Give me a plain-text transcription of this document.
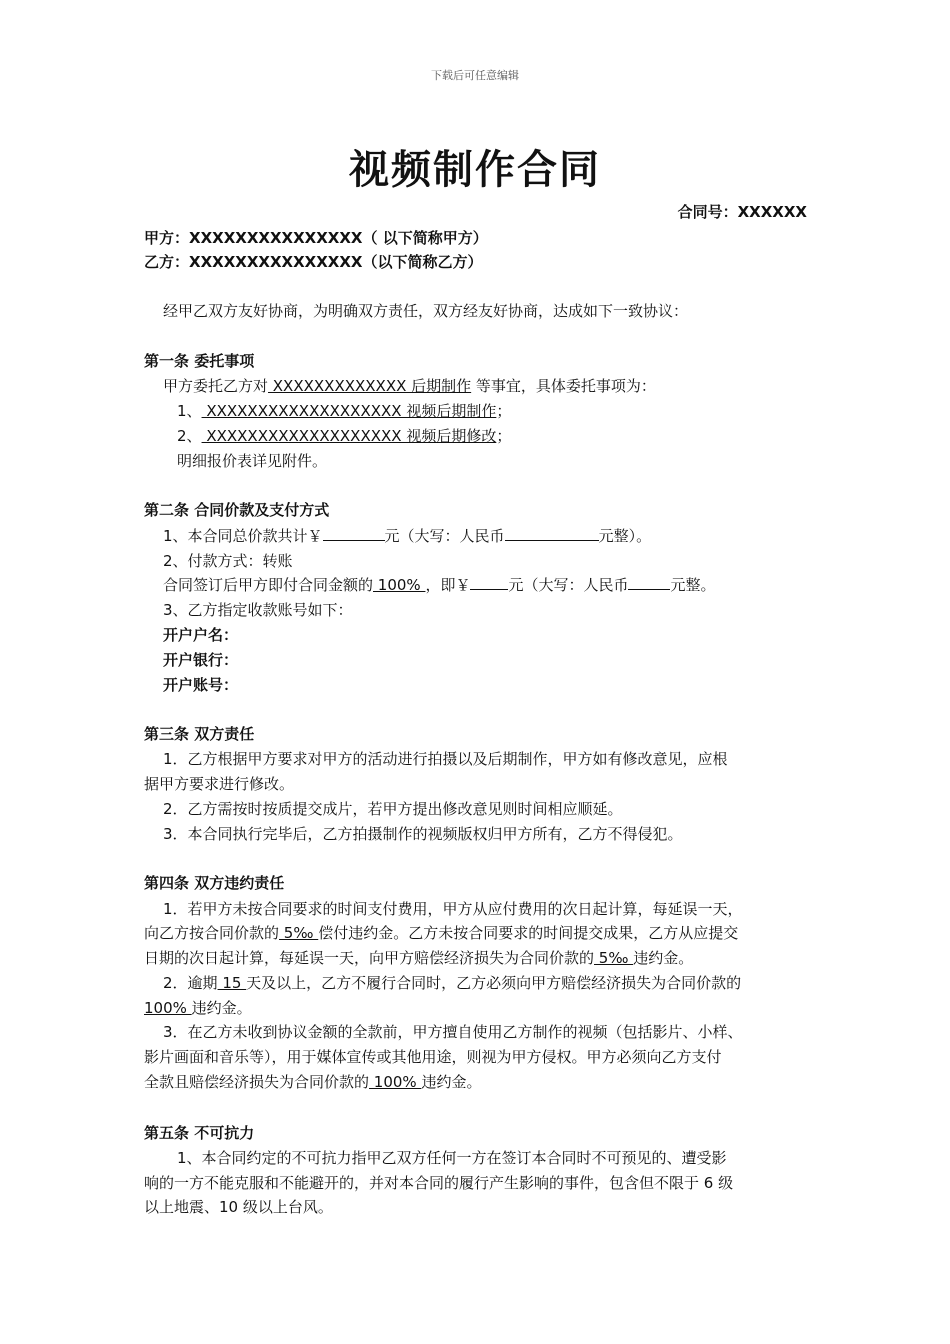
下载后可任意编辑
视频制作合同
合同号：XXXXXX
甲方：XXXXXXXXXXXXXXX（ 以下简称甲方）
乙方：XXXXXXXXXXXXXXX（以下简称乙方）
经甲乙双方友好协商，为明确双方责任，双方经友好协商，达成如下一致协议：
第一条 委托事项
甲方委托乙方对 XXXXXXXXXXXXX 后期制作 等事宜，具体委托事项为：
1、 XXXXXXXXXXXXXXXXXXX 视频后期制作；
2、 XXXXXXXXXXXXXXXXXXX 视频后期修改；
明细报价表详见附件。
第二条 合同价款及支付方式
1、本合同总价款共计￥	元（大写：人民币	元整）。
2、付款方式：转账
合同签订后甲方即付合同金额的 100% ，即￥	元（大写：人民币	元整。
3、乙方指定收款账号如下：
开户户名：
开户银行：
开户账号：
第三条 双方责任
1．乙方根据甲方要求对甲方的活动进行拍摄以及后期制作，甲方如有修改意见，应根
据甲方要求进行修改。
2．乙方需按时按质提交成片，若甲方提出修改意见则时间相应顺延。
3．本合同执行完毕后，乙方拍摄制作的视频版权归甲方所有，乙方不得侵犯。
第四条 双方违约责任
1．若甲方未按合同要求的时间支付费用，甲方从应付费用的次日起计算，每延误一天，
向乙方按合同价款的 5‰ 偿付违约金。乙方未按合同要求的时间提交成果，乙方从应提交
日期的次日起计算，每延误一天，向甲方赔偿经济损失为合同价款的 5‰ 违约金。
2．逾期 15 天及以上，乙方不履行合同时，乙方必须向甲方赔偿经济损失为合同价款的
100% 违约金。
3．在乙方未收到协议金额的全款前，甲方擅自使用乙方制作的视频（包括影片、小样、
影片画面和音乐等），用于媒体宣传或其他用途，则视为甲方侵权。甲方必须向乙方支付
全款且赔偿经济损失为合同价款的 100% 违约金。
第五条 不可抗力
1、本合同约定的不可抗力指甲乙双方任何一方在签订本合同时不可预见的、遭受影
响的一方不能克服和不能避开的，并对本合同的履行产生影响的事件，包含但不限于 6 级
以上地震、10 级以上台风。
